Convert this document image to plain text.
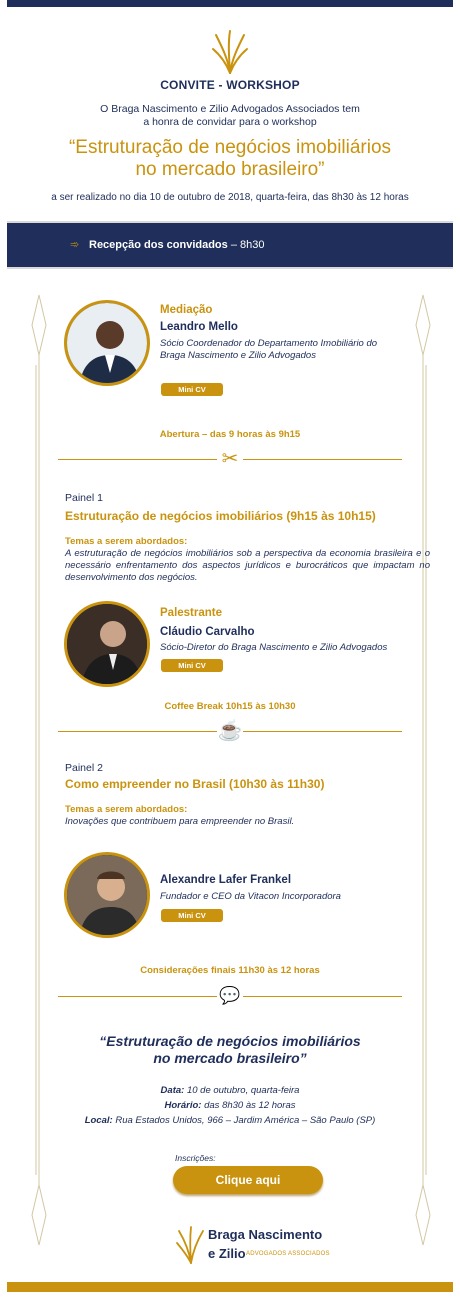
CONVITE - WORKSHOP
O Braga Nascimento e Zilio Advogados Associados tem
a honra de convidar para o workshop
“Estruturação de negócios imobiliários
no mercado brasileiro”
a ser realizado no dia 10 de outubro de 2018, quarta-feira, das 8h30 às 12 horas
➾ Recepção dos convidados – 8h30
Mediação
Leandro Mello
Sócio Coordenador do Departamento Imobiliário do
Braga Nascimento e Zilio Advogados
Mini CV
Abertura – das 9 horas às 9h15
✂
Painel 1
Estruturação de negócios imobiliários (9h15 às 10h15)
Temas a serem abordados:
A estruturação de negócios imobiliários sob a perspectiva da economia brasileira e o necessário enfrentamento dos aspectos jurídicos e burocráticos que impactam no desenvolvimento dos negócios.
Palestrante
Cláudio Carvalho
Sócio-Diretor do Braga Nascimento e Zilio Advogados
Mini CV
Coffee Break 10h15 às 10h30
☕
Painel 2
Como empreender no Brasil (10h30 às 11h30)
Temas a serem abordados:
Inovações que contribuem para empreender no Brasil.
Alexandre Lafer Frankel
Fundador e CEO da Vitacon Incorporadora
Mini CV
Considerações finais 11h30 às 12 horas
💬
“Estruturação de negócios imobiliários
no mercado brasileiro”
Data: 10 de outubro, quarta-feira
Horário: das 8h30 às 12 horas
Local: Rua Estados Unidos, 966 – Jardim América – São Paulo (SP)
Inscrições:
Clique aqui
Braga Nascimento
e Zilio ADVOGADOS ASSOCIADOS
